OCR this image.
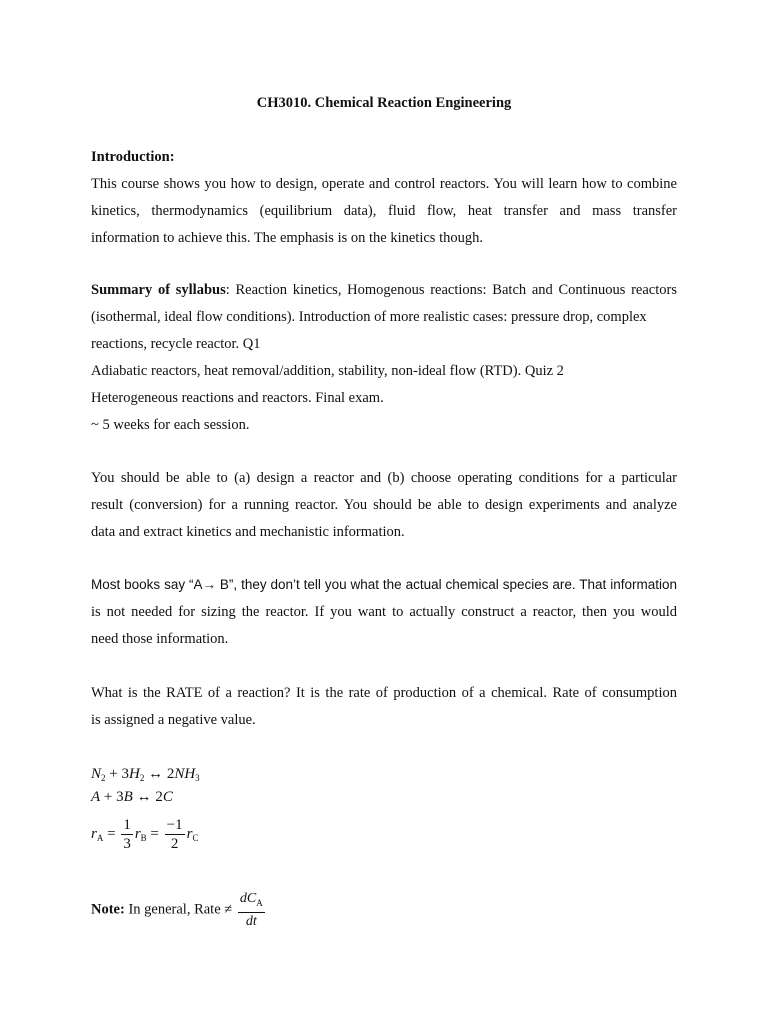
CH3010. Chemical Reaction Engineering
Introduction:
This course shows you how to design, operate and control reactors. You will learn how to combine
kinetics, thermodynamics (equilibrium data), fluid flow, heat transfer and mass transfer
information to achieve this. The emphasis is on the kinetics though.
Summary of syllabus: Reaction kinetics, Homogenous reactions: Batch and Continuous reactors
(isothermal, ideal flow conditions). Introduction of more realistic cases: pressure drop, complex
reactions, recycle reactor. Q1
Adiabatic reactors, heat removal/addition, stability, non-ideal flow (RTD). Quiz 2
Heterogeneous reactions and reactors. Final exam.
~ 5 weeks for each session.
You should be able to (a) design a reactor and (b) choose operating conditions for a particular
result (conversion) for a running reactor. You should be able to design experiments and analyze
data and extract kinetics and mechanistic information.
Most books say “A→ B”, they don’t tell you what the actual chemical species are. That information
is not needed for sizing the reactor. If you want to actually construct a reactor, then you would
need those information.
What is the RATE of a reaction? It is the rate of production of a chemical. Rate of consumption
is assigned a negative value.
$N_2 + 3H_2$ ↔ $2NH_3$
A + 3B ↔ 2C
$r_A = \frac{1}{3} r_B = \frac{-1}{2} r_C$
Note: In general, Rate ≠ $\frac{dC_A}{dt}$
